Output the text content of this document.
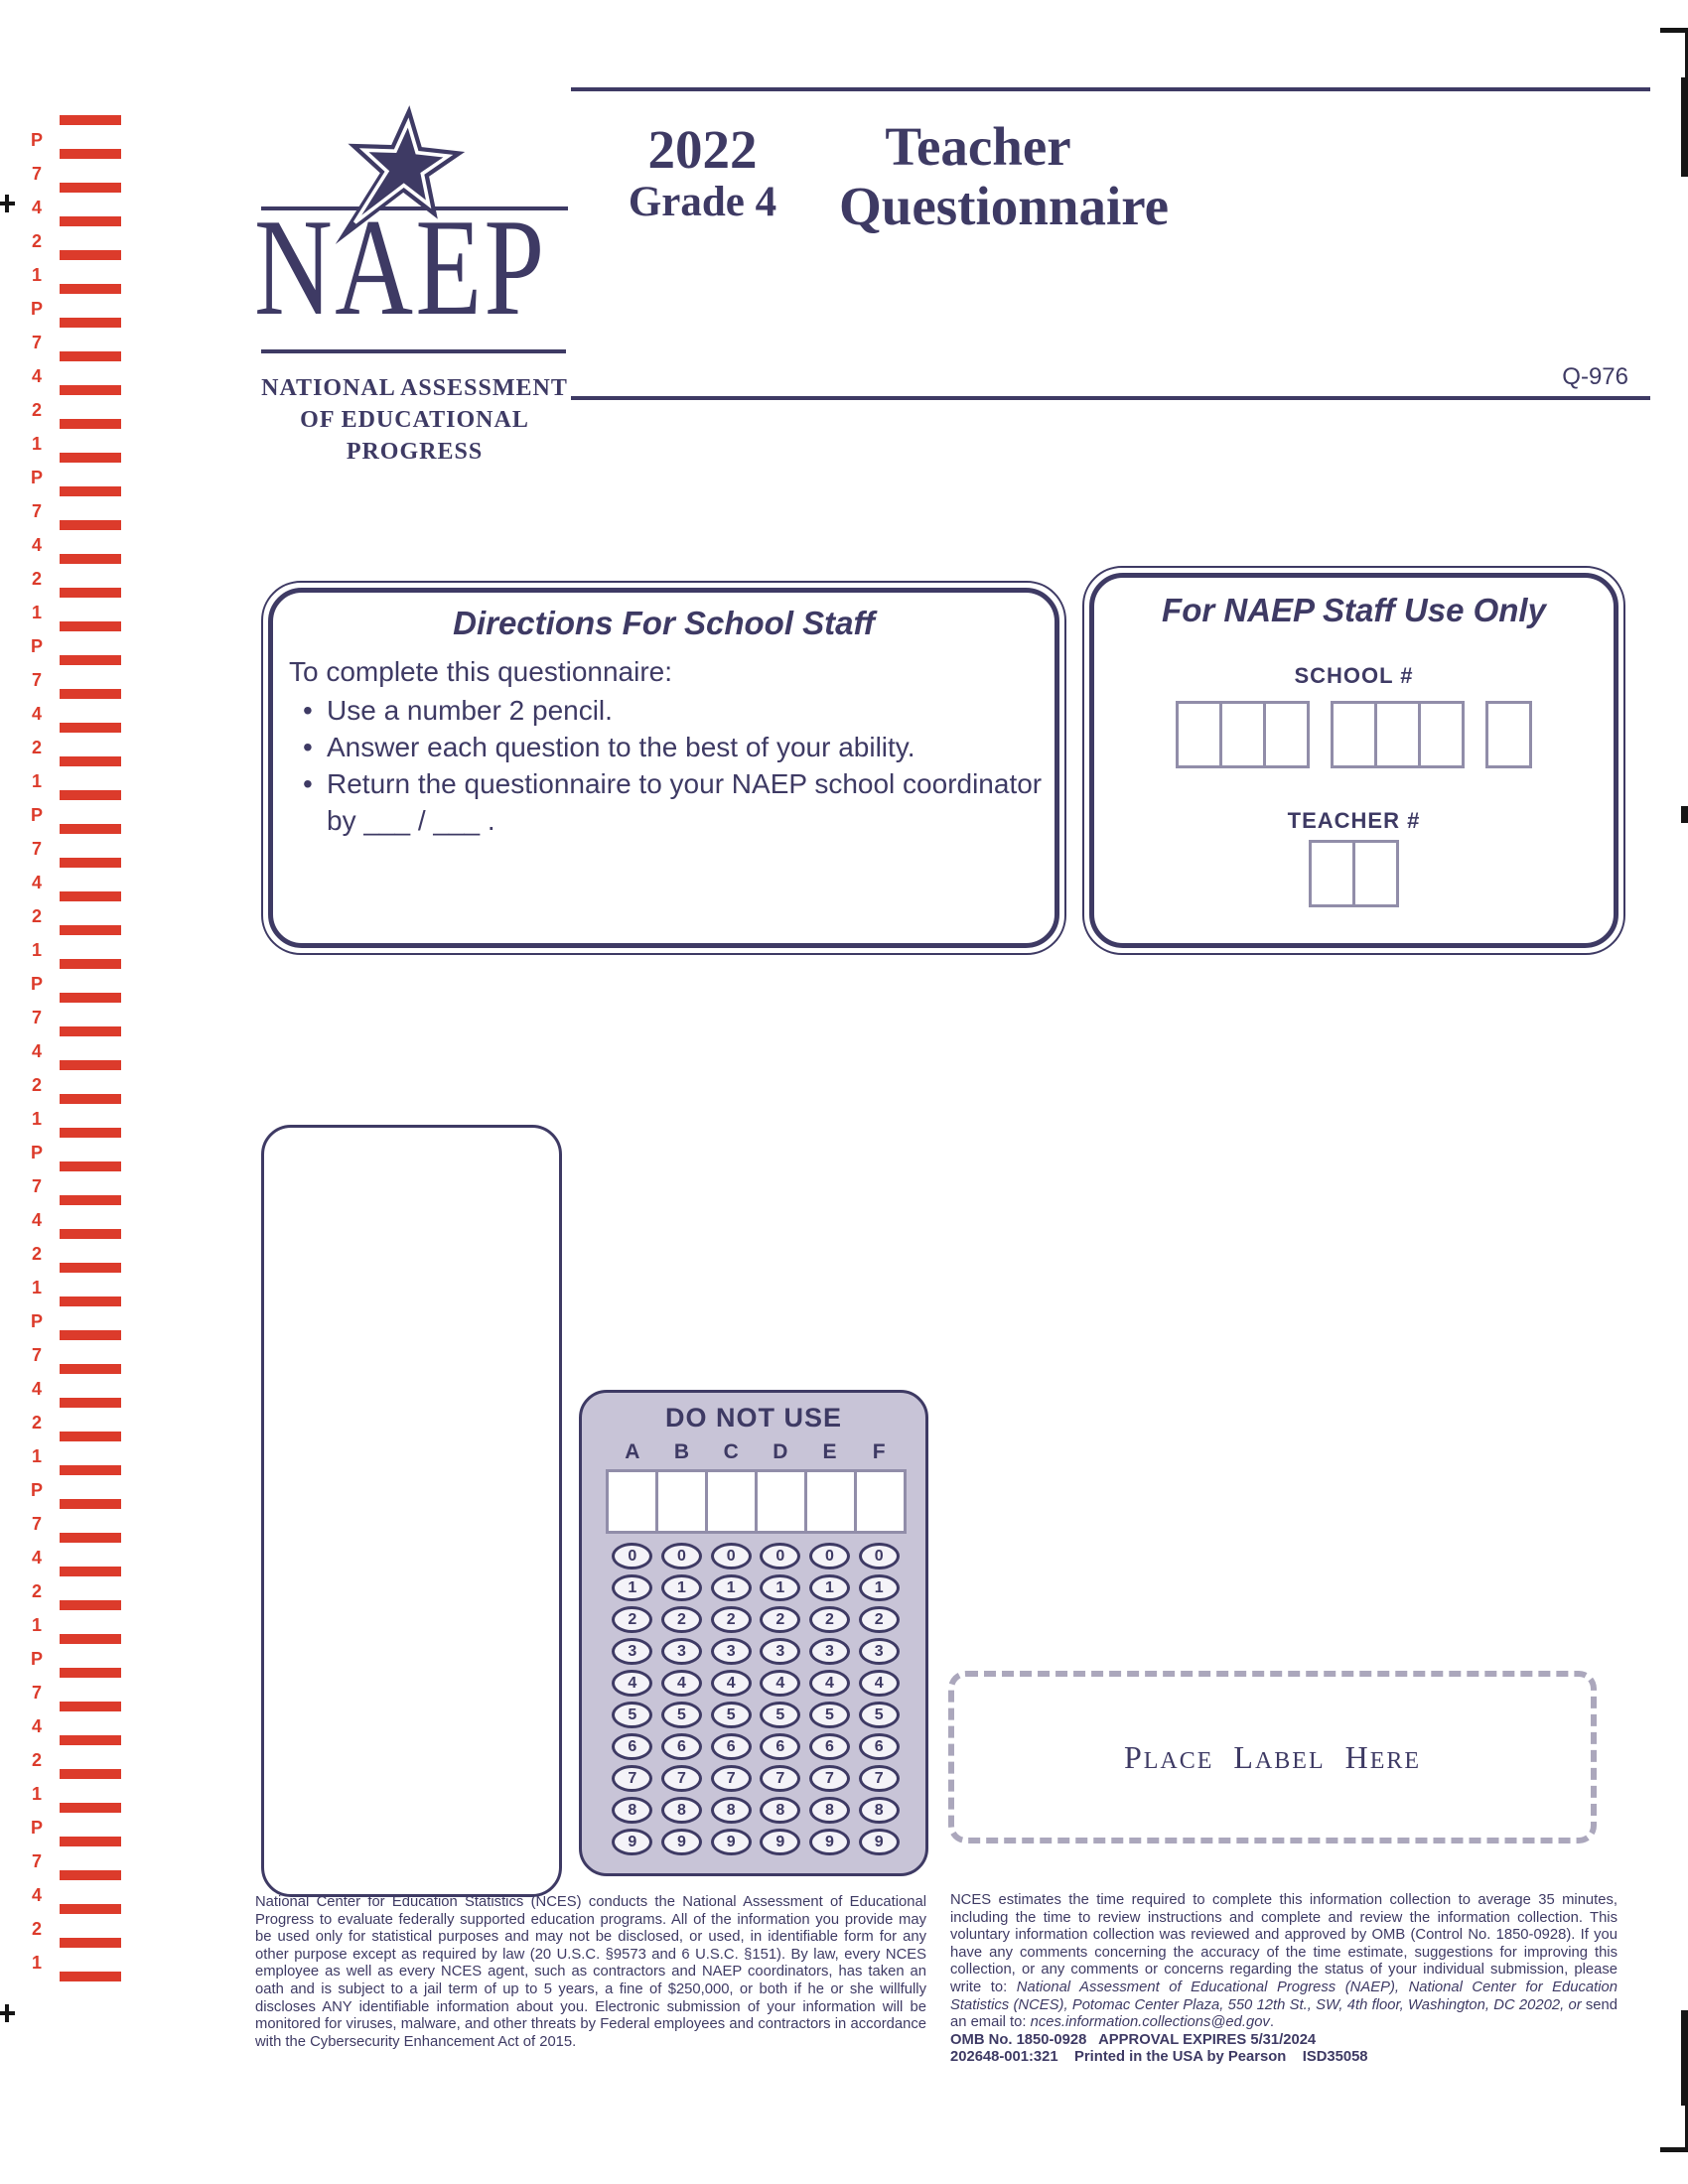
P
7
4
2
1
P
7
4
2
1
P
7
4
2
1
P
7
4
2
1
P
7
4
2
1
P
7
4
2
1
P
7
4
2
1
P
7
4
2
1
P
7
4
2
1
P
7
4
2
1
P
7
4
2
1
NAEP
NATIONAL ASSESSMENT
OF EDUCATIONAL
PROGRESS
2022
Grade 4
Teacher
Questionnaire
Q-976
Directions For School Staff
To complete this questionnaire:
• Use a number 2 pencil.
• Answer each question to the best of your ability.
• Return the questionnaire to your NAEP school coordinator by ___ / ___ .
For NAEP Staff Use Only
SCHOOL #
TEACHER #
DO NOT USE
A	B	C	D	E	F
0	0	0	0	0	0
1	1	1	1	1	1
2	2	2	2	2	2
3	3	3	3	3	3
4	4	4	4	4	4
5	5	5	5	5	5
6	6	6	6	6	6
7	7	7	7	7	7
8	8	8	8	8	8
9	9	9	9	9	9
PLACE LABEL HERE
National Center for Education Statistics (NCES) conducts the National Assessment of Educational Progress to evaluate federally supported education programs. All of the information you provide may be used only for statistical purposes and may not be disclosed, or used, in identifiable form for any other purpose except as required by law (20 U.S.C. §9573 and 6 U.S.C. §151). By law, every NCES employee as well as every NCES agent, such as contractors and NAEP coordinators, has taken an oath and is subject to a jail term of up to 5 years, a fine of $250,000, or both if he or she willfully discloses ANY identifiable information about you. Electronic submission of your information will be monitored for viruses, malware, and other threats by Federal employees and contractors in accordance with the Cybersecurity Enhancement Act of 2015.
NCES estimates the time required to complete this information collection to average 35 minutes, including the time to review instructions and complete and review the information collection. This voluntary information collection was reviewed and approved by OMB (Control No. 1850-0928). If you have any comments concerning the accuracy of the time estimate, suggestions for improving this collection, or any comments or concerns regarding the status of your individual submission, please write to: National Assessment of Educational Progress (NAEP), National Center for Education Statistics (NCES), Potomac Center Plaza, 550 12th St., SW, 4th floor, Washington, DC 20202, or send an email to: nces.information.collections@ed.gov.
OMB No. 1850-0928   APPROVAL EXPIRES 5/31/2024
202648-001:321    Printed in the USA by Pearson    ISD35058
